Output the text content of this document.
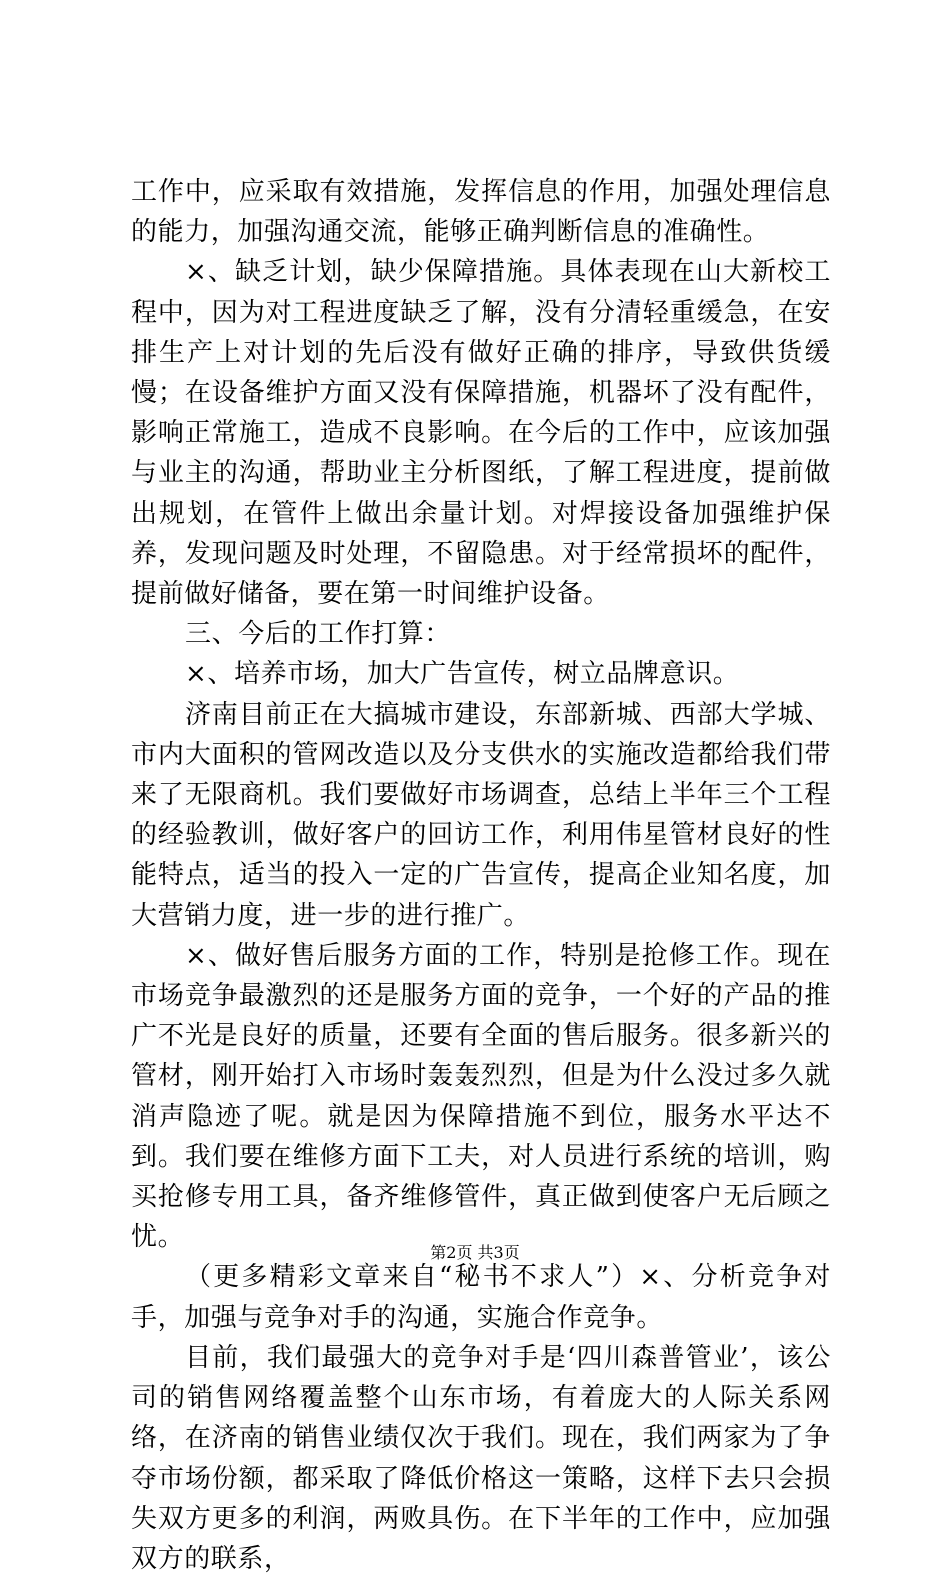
工作中，应采取有效措施，发挥信息的作用，加强处理信息的能力，加强沟通交流，能够正确判断信息的准确性。

×、缺乏计划，缺少保障措施。具体表现在山大新校工程中，因为对工程进度缺乏了解，没有分清轻重缓急，在安排生产上对计划的先后没有做好正确的排序，导致供货缓慢；在设备维护方面又没有保障措施，机器坏了没有配件，影响正常施工，造成不良影响。在今后的工作中，应该加强与业主的沟通，帮助业主分析图纸，了解工程进度，提前做出规划，在管件上做出余量计划。对焊接设备加强维护保养，发现问题及时处理，不留隐患。对于经常损坏的配件，提前做好储备，要在第一时间维护设备。

三、今后的工作打算：

×、培养市场，加大广告宣传，树立品牌意识。

济南目前正在大搞城市建设，东部新城、西部大学城、市内大面积的管网改造以及分支供水的实施改造都给我们带来了无限商机。我们要做好市场调查，总结上半年三个工程的经验教训，做好客户的回访工作，利用伟星管材良好的性能特点，适当的投入一定的广告宣传，提高企业知名度，加大营销力度，进一步的进行推广。

×、做好售后服务方面的工作，特别是抢修工作。现在市场竞争最激烈的还是服务方面的竞争，一个好的产品的推广不光是良好的质量，还要有全面的售后服务。很多新兴的管材，刚开始打入市场时轰轰烈烈，但是为什么没过多久就消声隐迹了呢。就是因为保障措施不到位，服务水平达不到。我们要在维修方面下工夫，对人员进行系统的培训，购买抢修专用工具，备齐维修管件，真正做到使客户无后顾之忧。

（更多精彩文章来自“秘书不求人”）×、分析竞争对手，加强与竞争对手的沟通，实施合作竞争。

目前，我们最强大的竞争对手是‘四川森普管业’，该公司的销售网络覆盖整个山东市场，有着庞大的人际关系网络，在济南的销售业绩仅次于我们。现在，我们两家为了争夺市场份额，都采取了降低价格这一策略，这样下去只会损失双方更多的利润，两败具伤。在下半年的工作中，应加强双方的联系，

第2页 共3页
